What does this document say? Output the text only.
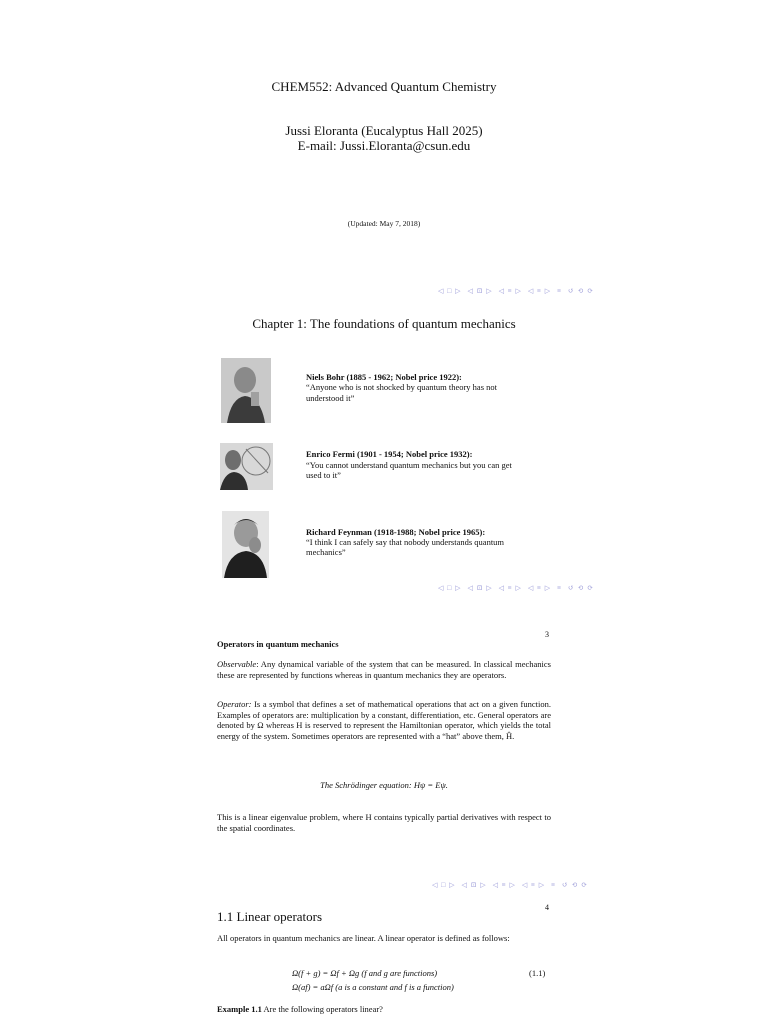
CHEM552: Advanced Quantum Chemistry
Jussi Eloranta (Eucalyptus Hall 2025)
E-mail: Jussi.Eloranta@csun.edu
(Updated: May 7, 2018)
◁ □ ▷ ◁ ⊡ ▷ ◁ ≡ ▷ ◁ ≡ ▷ ≡ ↺ ⟲ ⟳
Chapter 1: The foundations of quantum mechanics
Niels Bohr (1885 - 1962; Nobel price 1922):
“Anyone who is not shocked by quantum theory has not
understood it”
Enrico Fermi (1901 - 1954; Nobel price 1932):
“You cannot understand quantum mechanics but you can get
used to it”
Richard Feynman (1918-1988; Nobel price 1965):
“I think I can safely say that nobody understands quantum
mechanics”
◁ □ ▷ ◁ ⊡ ▷ ◁ ≡ ▷ ◁ ≡ ▷ ≡ ↺ ⟲ ⟳
3
Operators in quantum mechanics
Observable: Any dynamical variable of the system that can be measured. In classical mechanics these are represented by functions whereas in quantum mechanics they are operators.
Operator: Is a symbol that defines a set of mathematical operations that act on a given function. Examples of operators are: multiplication by a constant, differentiation, etc. General operators are denoted by Ω whereas H is reserved to represent the Hamiltonian operator, which yields the total energy of the system. Sometimes operators are represented with a “hat” above them, Ĥ.
The Schrödinger equation: Hψ = Eψ.
This is a linear eigenvalue problem, where H contains typically partial derivatives with respect to the spatial coordinates.
◁ □ ▷ ◁ ⊡ ▷ ◁ ≡ ▷ ◁ ≡ ▷ ≡ ↺ ⟲ ⟳
4
1.1 Linear operators
All operators in quantum mechanics are linear. A linear operator is defined as follows:
Ω(f + g) = Ωf + Ωg (f and g are functions)	(1.1)
Ω(af) = aΩf (a is a constant and f is a function)
Example 1.1 Are the following operators linear?
